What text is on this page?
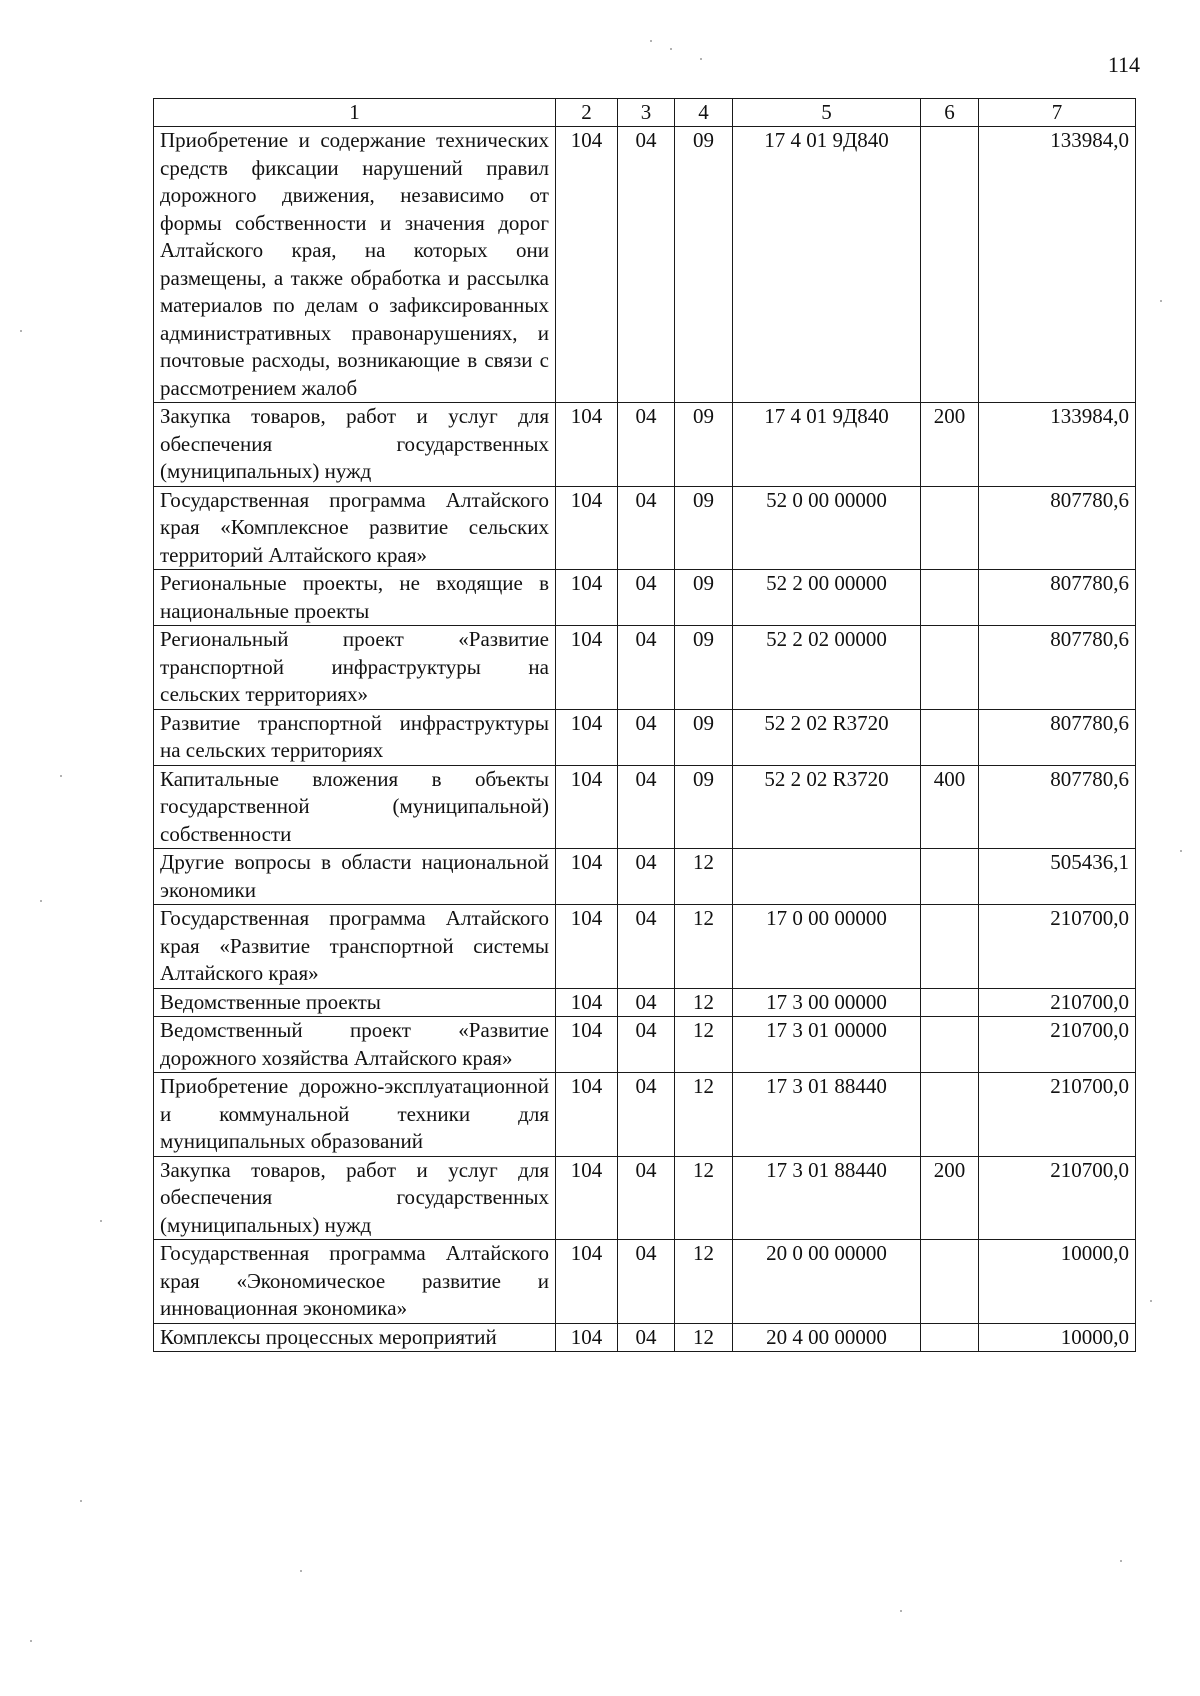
114
1	2	3	4	5	6	7
Приобретение и содержание технических средств фиксации нарушений правил дорожного движения, независимо от формы собственности и значения дорог Алтайского края, на которых они размещены, а также обработка и рассылка материалов по делам о зафиксированных административных правонарушениях, и почтовые расходы, возникающие в связи с рассмотрением жалоб	104	04	09	17 4 01 9Д840		133984,0
Закупка товаров, работ и услуг для обеспечения государственных (муниципальных) нужд	104	04	09	17 4 01 9Д840	200	133984,0
Государственная программа Алтайского края «Комплексное развитие сельских территорий Алтайского края»	104	04	09	52 0 00 00000		807780,6
Региональные проекты, не входящие в национальные проекты	104	04	09	52 2 00 00000		807780,6
Региональный проект «Развитие транспортной инфраструктуры на сельских территориях»	104	04	09	52 2 02 00000		807780,6
Развитие транспортной инфраструктуры на сельских территориях	104	04	09	52 2 02 R3720		807780,6
Капитальные вложения в объекты государственной (муниципальной) собственности	104	04	09	52 2 02 R3720	400	807780,6
Другие вопросы в области национальной экономики	104	04	12			505436,1
Государственная программа Алтайского края «Развитие транспортной системы Алтайского края»	104	04	12	17 0 00 00000		210700,0
Ведомственные проекты	104	04	12	17 3 00 00000		210700,0
Ведомственный проект «Развитие дорожного хозяйства Алтайского края»	104	04	12	17 3 01 00000		210700,0
Приобретение дорожно-эксплуатационной и коммунальной техники для муниципальных образований	104	04	12	17 3 01 88440		210700,0
Закупка товаров, работ и услуг для обеспечения государственных (муниципальных) нужд	104	04	12	17 3 01 88440	200	210700,0
Государственная программа Алтайского края «Экономическое развитие и инновационная экономика»	104	04	12	20 0 00 00000		10000,0
Комплексы процессных мероприятий	104	04	12	20 4 00 00000		10000,0
